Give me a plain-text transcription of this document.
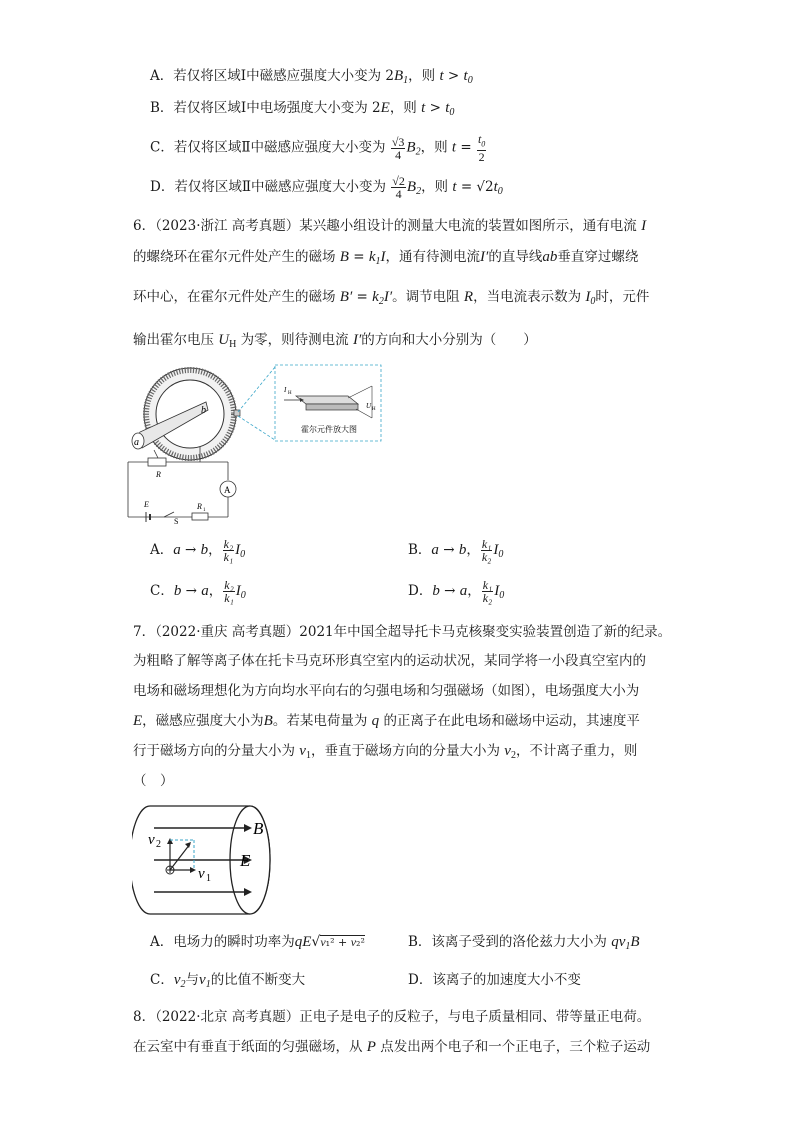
A．若仅将区域Ⅰ中磁感应强度大小变为 $2B_1$，则 $t > t_0$
B．若仅将区域Ⅰ中电场强度大小变为 2E，则 $t > t_0$
C．若仅将区域Ⅱ中磁感应强度大小变为 $\frac{√3}{4} B_2$，则 $t = \frac{t_0}{2}$
D．若仅将区域Ⅱ中磁感应强度大小变为 $\frac{√2}{4} B_2$，则 $t = √2t_0$
6．（2023·浙江 高考真题）某兴趣小组设计的测量大电流的装置如图所示，通有电流 I
的螺绕环在霍尔元件处产生的磁场 $B = k_1I$，通有待测电流I′的直导线ab垂直穿过螺绕
环中心，在霍尔元件处产生的磁场 $B' = k_2I'$。调节电阻 R，当电流表示数为 $I_0$时，元件
输出霍尔电压 $U_H$ 为零，则待测电流 I′的方向和大小分别为（　　）
a
b
I H
U H
霍尔元件放大图
R
A
E
S
R 1
A．a → b， $\frac{\text{k₂}}{\text{k₁}} I_0$	B．a → b， $\frac{\text{k₁}}{\text{k₂}} I_0$
C．b → a， $\frac{\text{k₂}}{\text{k₁}} I_0$	D．b → a， $\frac{\text{k₁}}{\text{k₂}} I_0$
7．（2022·重庆 高考真题）2021年中国全超导托卡马克核聚变实验装置创造了新的纪录。
为粗略了解等离子体在托卡马克环形真空室内的运动状况，某同学将一小段真空室内的
电场和磁场理想化为方向均水平向右的匀强电场和匀强磁场（如图），电场强度大小为
E，磁感应强度大小为B。若某电荷量为 q 的正离子在此电场和磁场中运动，其速度平
行于磁场方向的分量大小为 $v_1$，垂直于磁场方向的分量大小为 $v_2$，不计离子重力，则
（　）
B
E
v 2
v 1
A．电场力的瞬时功率为qE√v₁² + v₂²	B．该离子受到的洛伦兹力大小为 $qv_1B$
C．$v_2$与$v_1$的比值不断变大	D．该离子的加速度大小不变
8．（2022·北京 高考真题）正电子是电子的反粒子，与电子质量相同、带等量正电荷。
在云室中有垂直于纸面的匀强磁场，从 P 点发出两个电子和一个正电子，三个粒子运动
